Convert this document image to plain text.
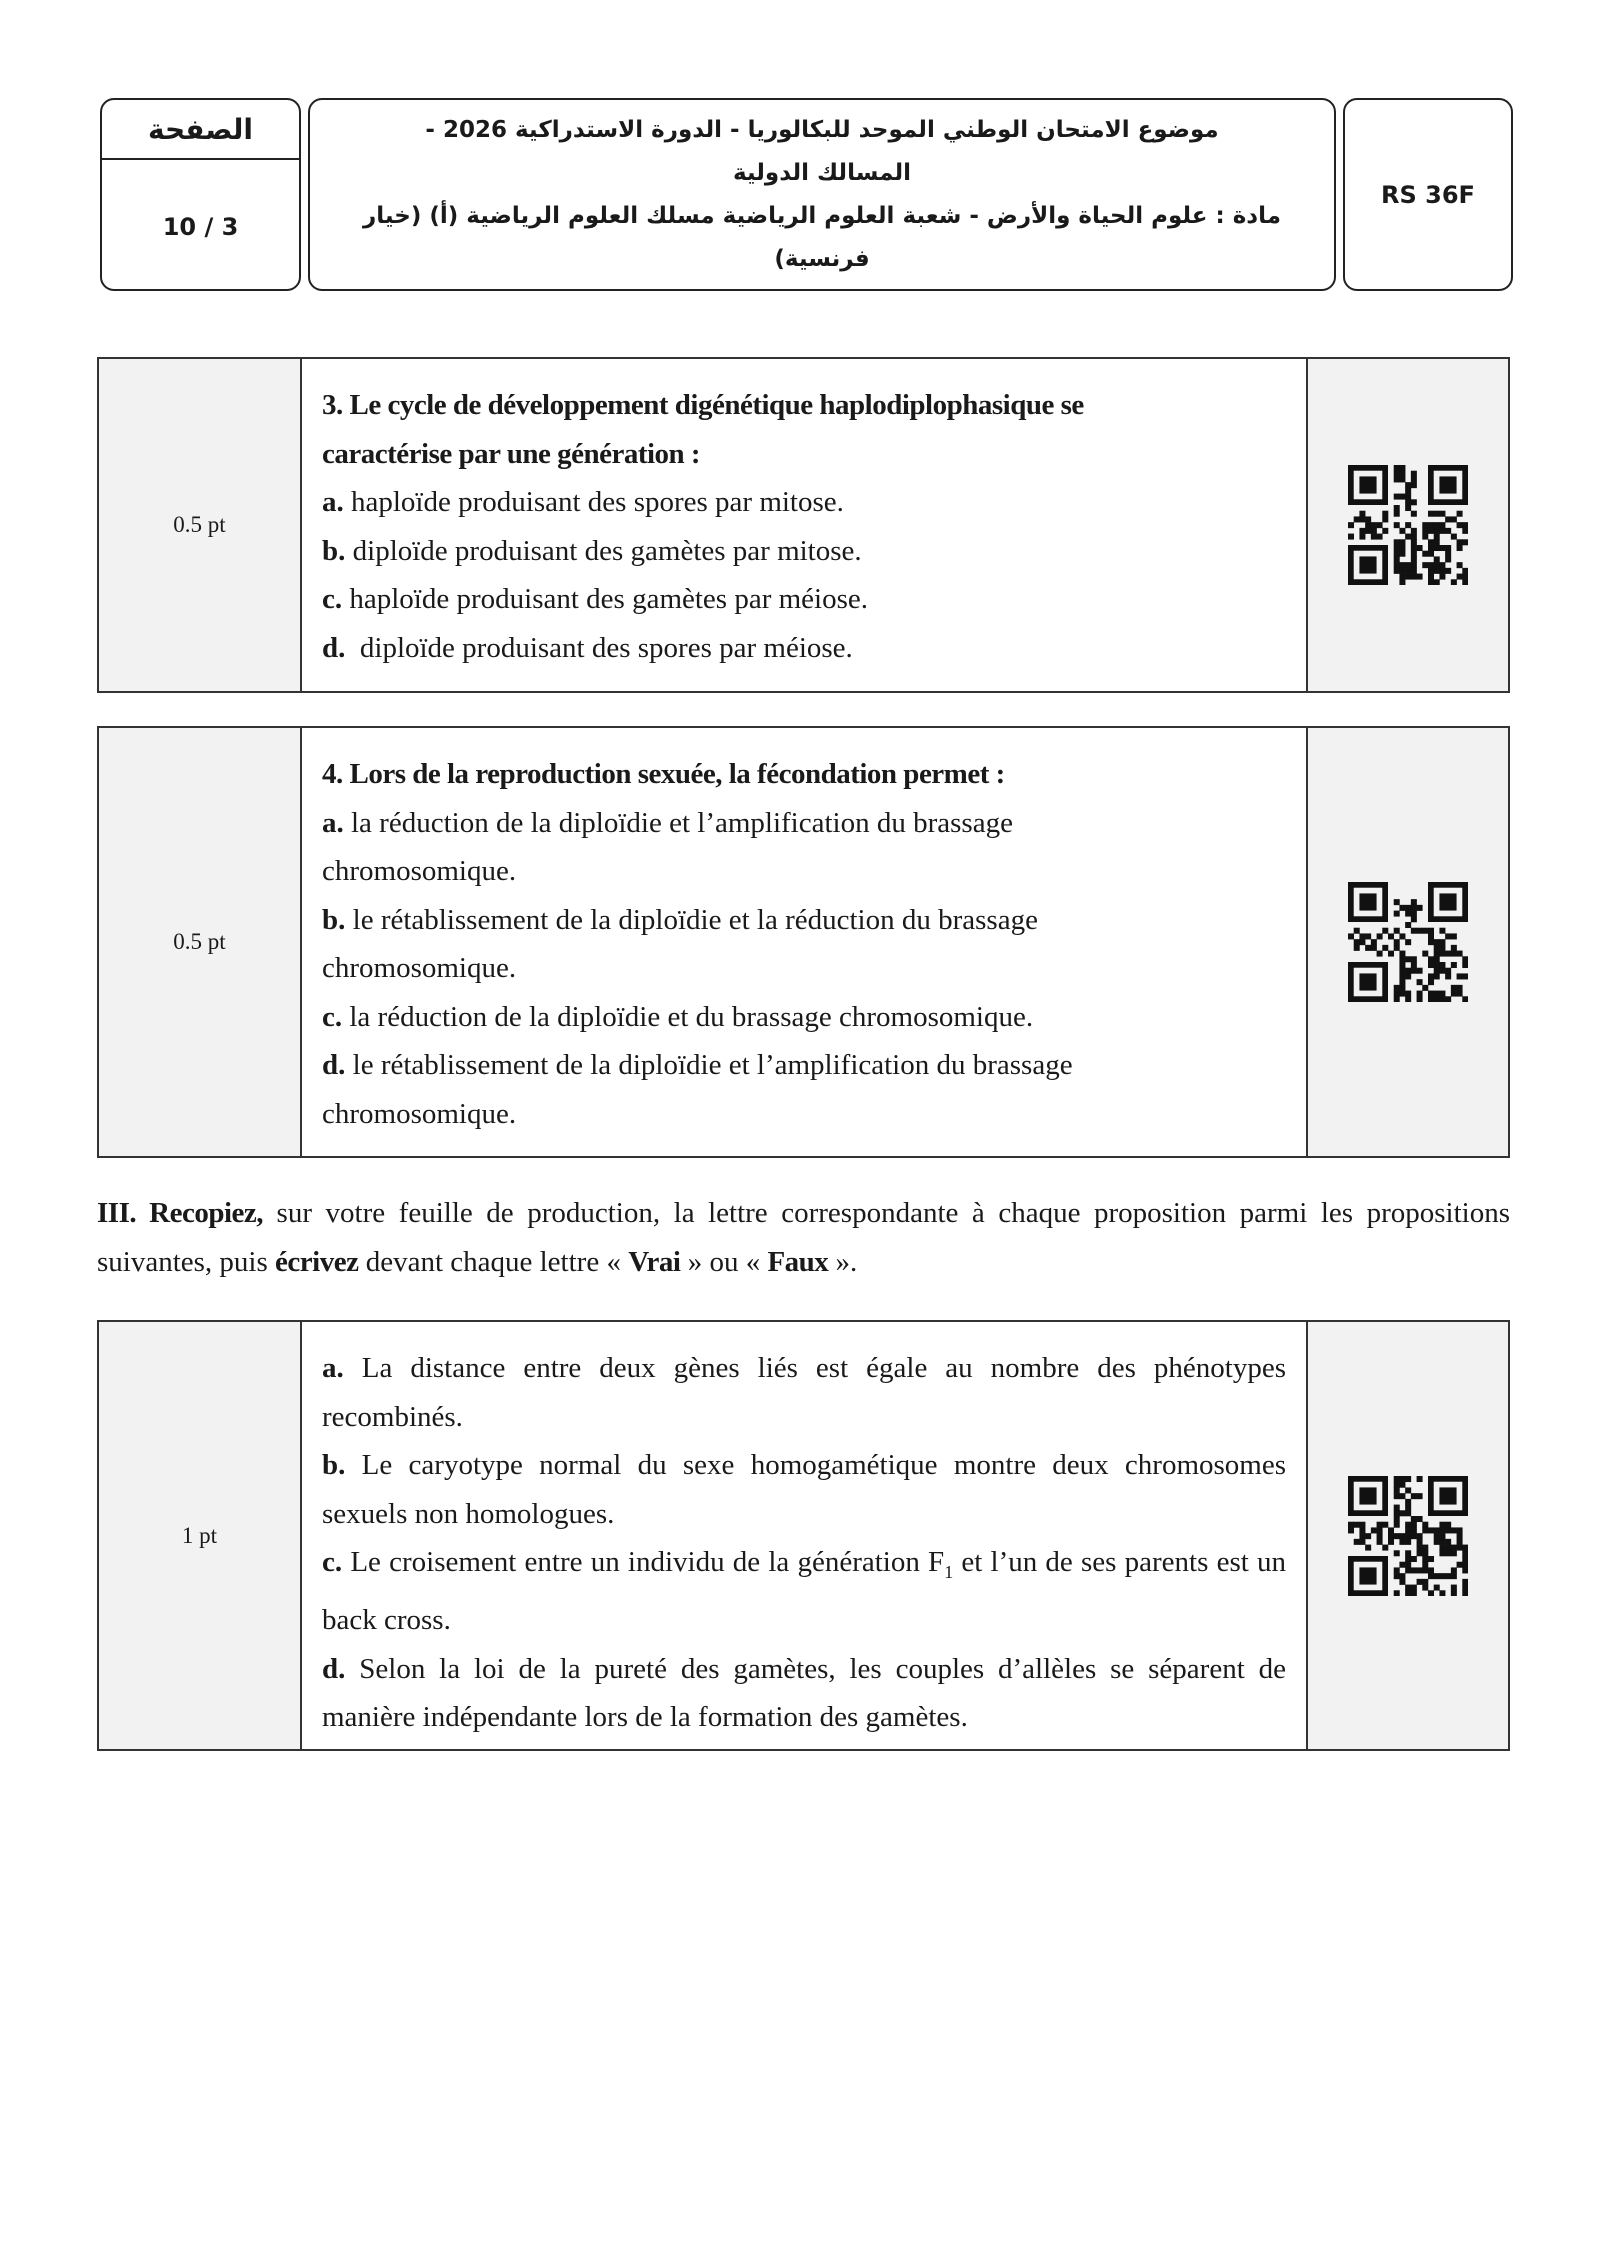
الصفحة
10 / 3
موضوع الامتحان الوطني الموحد للبكالوريا - الدورة الاستدراكية 2026 -
المسالك الدولية
مادة : علوم الحياة والأرض - شعبة العلوم الرياضية مسلك العلوم الرياضية (أ) (خيار
فرنسية)
RS 36F
0.5 pt
3. Le cycle de développement digénétique haplodiplophasique se
caractérise par une génération :
a. haploïde produisant des spores par mitose.
b. diploïde produisant des gamètes par mitose.
c. haploïde produisant des gamètes par méiose.
d.  diploïde produisant des spores par méiose.
0.5 pt
4. Lors de la reproduction sexuée, la fécondation permet :
a. la réduction de la diploïdie et l’amplification du brassage
chromosomique.
b. le rétablissement de la diploïdie et la réduction du brassage
chromosomique.
c. la réduction de la diploïdie et du brassage chromosomique.
d. le rétablissement de la diploïdie et l’amplification du brassage
chromosomique.
III. Recopiez, sur votre feuille de production, la lettre correspondante à chaque proposition parmi les propositions suivantes, puis écrivez devant chaque lettre « Vrai » ou « Faux ».
1 pt
a. La distance entre deux gènes liés est égale au nombre des phénotypes recombinés.
b. Le caryotype normal du sexe homogamétique montre deux chromosomes sexuels non homologues.
c. Le croisement entre un individu de la génération $F_1$ et l’un de ses parents est un back cross.
d. Selon la loi de la pureté des gamètes, les couples d’allèles se séparent de manière indépendante lors de la formation des gamètes.
